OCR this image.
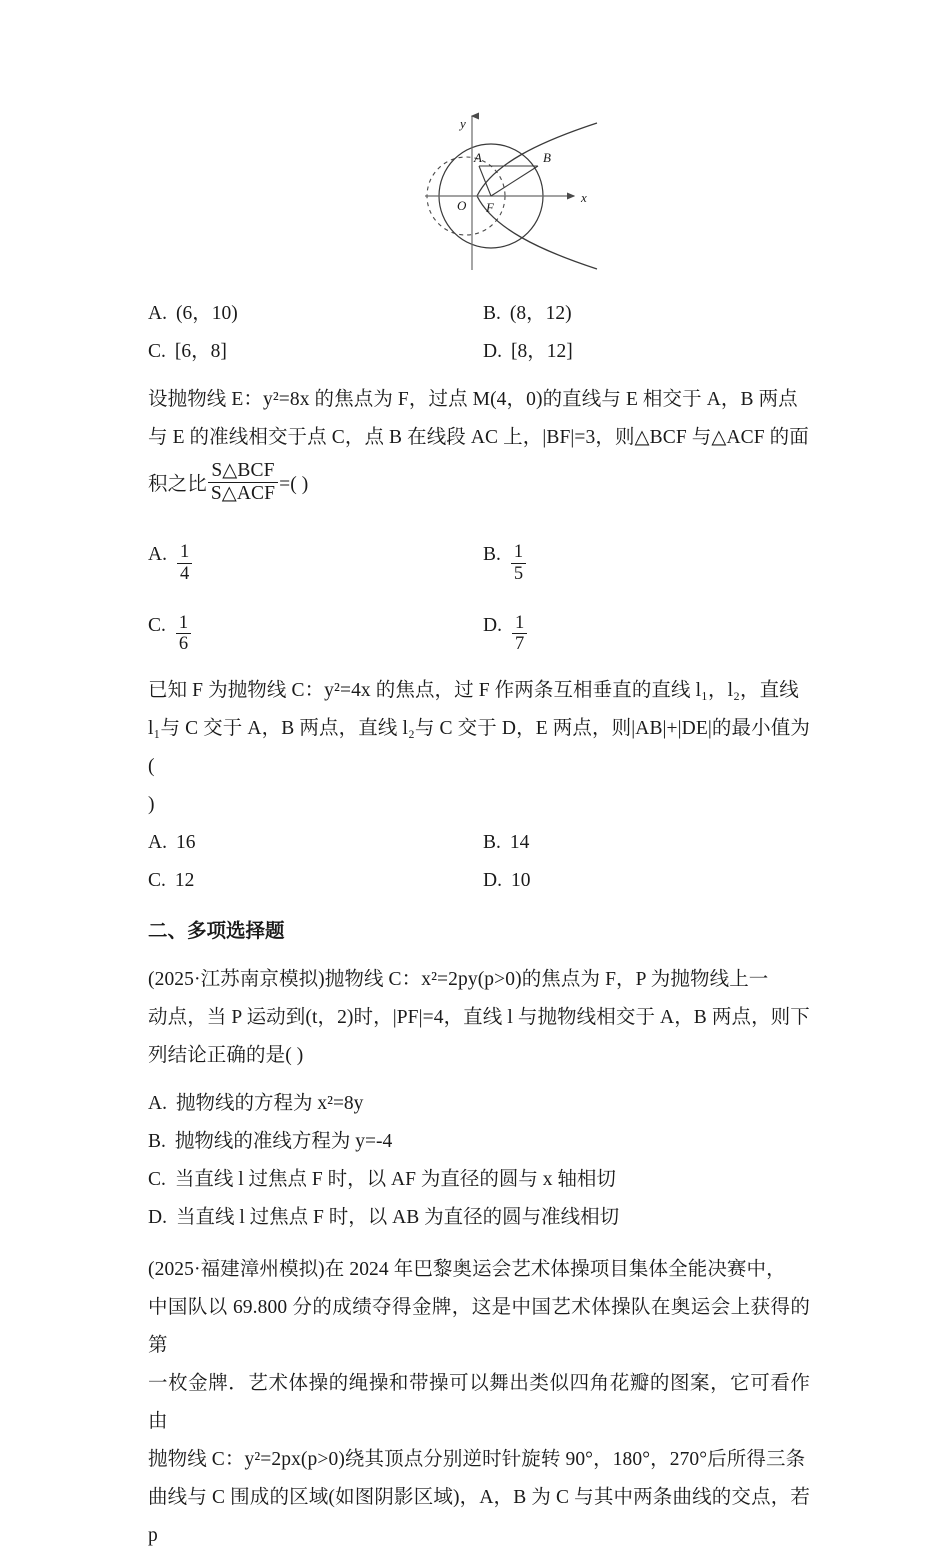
A	B
O F
x
y
A. (6，10)	B. (8，12)
C. [6，8]	D. [8，12]
设抛物线 E：y²=8x 的焦点为 F，过点 M(4，0)的直线与 E 相交于 A，B 两点
与 E 的准线相交于点 C，点 B 在线段 AC 上，|BF|=3，则△BCF 与△ACF 的面
积之比 $\frac{\text{S△BCF}}{\text{S△ACF}}$ =( )
A. $\frac{1}{4}$	B. $\frac{1}{5}$
C. $\frac{1}{6}$	D. $\frac{1}{7}$
已知 F 为抛物线 C：y²=4x 的焦点，过 F 作两条互相垂直的直线 l₁，l₂，直线
l₁与 C 交于 A，B 两点，直线 l₂与 C 交于 D，E 两点，则|AB|+|DE|的最小值为(
)
A. 16	B. 14
C. 12	D. 10
二、多项选择题
(2025·江苏南京模拟)抛物线 C：x²=2py(p>0)的焦点为 F，P 为抛物线上一
动点，当 P 运动到(t，2)时，|PF|=4，直线 l 与抛物线相交于 A，B 两点，则下
列结论正确的是( )
A. 抛物线的方程为 x²=8y
B. 抛物线的准线方程为 y=-4
C. 当直线 l 过焦点 F 时，以 AF 为直径的圆与 x 轴相切
D. 当直线 l 过焦点 F 时，以 AB 为直径的圆与准线相切
(2025·福建漳州模拟)在 2024 年巴黎奥运会艺术体操项目集体全能决赛中，
中国队以 69.800 分的成绩夺得金牌，这是中国艺术体操队在奥运会上获得的第
一枚金牌．艺术体操的绳操和带操可以舞出类似四角花瓣的图案，它可看作由
抛物线 C：y²=2px(p>0)绕其顶点分别逆时针旋转 90°，180°，270°后所得三条
曲线与 C 围成的区域(如图阴影区域)，A，B 为 C 与其中两条曲线的交点，若 p
